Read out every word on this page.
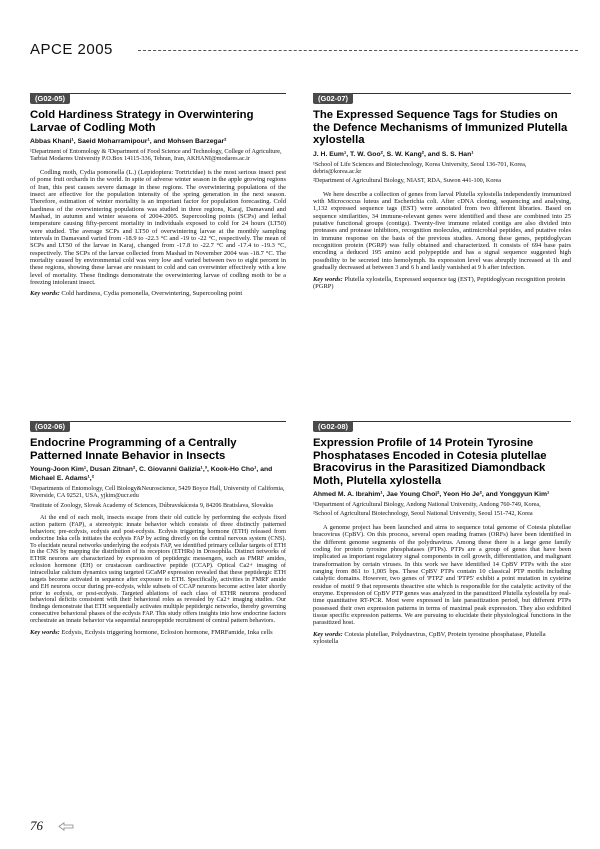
APCE 2005
(G02-05)
Cold Hardiness Strategy in Overwintering Larvae of Codling Moth
Abbas Khani¹, Saeid Moharramipour¹, and Mohsen Barzegar²
¹Department of Entomology & ²Department of Food Science and Technology, College of Agriculture, Tarbiat Modarres University P.O.Box 14115-336, Tehran, Iran, AKHANI@modares.ac.ir
Codling moth, Cydia pomonella (L.) (Lepidoptera: Tortricidae) is the most serious insect pest of pome fruit orchards in the world. In spite of adverse winter season in the apple growing regions of Iran, this pest causes severe damage in these regions. The overwintering populations of the insect are effective for the population intensity of the spring generation in the next season. Therefore, estimation of winter mortality is an important factor for population forecasting. Cold hardiness of the overwintering populations was studied in three regions, Karaj, Damavand and Mashad, in autumn and winter seasons of 2004-2005. Supercooling points (SCPs) and lethal temperature causing fifty-percent mortality in individuals exposed to cold for 24 hours (LT50) were studied. The average SCPs and LT50 of overwintering larvae at the monthly sampling intervals in Damavand varied from -18.9 to -22.3 °C and -19 to -22 °C, respectively. The mean of SCPs and LT50 of the larvae in Karaj, changed from -17.8 to -22.7 °C and -17.4 to -19.3 °C, respectively. The SCPs of the larvae collected from Mashad in November 2004 was -18.7 °C. The mortality caused by environmental cold was very low and varied between two to eight percent in these regions, showing these larvae are resistant to cold and can overwinter effectively with a low level of mortality. These findings demonstrate the overwintering larvae of codling moth to be a freezing intolerant insect.
Key words: Cold hardiness, Cydia pomonella, Overwintering, Supercooling point
(G02-06)
Endocrine Programming of a Centrally Patterned Innate Behavior in Insects
Young-Joon Kim¹, Dusan Zitnan², C. Giovanni Galizia¹,³, Kook-Ho Cho¹, and Michael E. Adams¹,²
¹Departments of Entomology, Cell Biology&Neuroscience, 5429 Boyce Hall, University of California, Riverside, CA 92521, USA, yjkim@ucr.edu
²Institute of Zoology, Slovak Academy of Sciences, Dúbravskácesta 9, 84206 Bratislava, Slovakia
At the end of each molt, insects escape from their old cuticle by performing the ecdysis fixed action pattern (FAP), a stereotypic innate behavior which consists of three distinctly patterned behaviors; pre-ecdysis, ecdysis and post-ecdysis. Ecdysis triggering hormone (ETH) released from endocrine Inka cells initiates the ecdysis FAP by acting directly on the central nervous system (CNS). To elucidate neural networks underlying the ecdysis FAP, we identified primary cellular targets of ETH in the CNS by mapping the distribution of its receptors (ETHRs) in Drosophila. Distinct networks of ETHR neurons are characterized by expression of peptidergic messengers, such as FMRF amides, eclosion hormone (EH) or crustacean cardioactive peptide (CCAP). Optical Ca2+ imaging of intracellular calcium dynamics using targeted GCaMP expression revealed that these peptidergic ETH targets become activated in sequence after exposure to ETH. Specifically, activities in FMRF amide and EH neurons occur during pre-ecdysis, while subsets of CCAP neurons become active later shortly prior to ecdysis, or post-ecdysis. Targeted ablations of each class of ETHR neurons produced behavioral deficits consistent with their behavioral roles as revealed by Ca2+ imaging studies. Our findings demonstrate that ETH sequentially activates multiple peptidergic networks, thereby governing consecutive behavioral phases of the ecdysis FAP. This study offers insights into how endocrine factors orchestrate an innate behavior via sequential neuropeptide recruitment of central pattern behaviors.
Key words: Ecdysis, Ecdysis triggering hormone, Eclosion hormone, FMRFamide, Inka cells
(G02-07)
The Expressed Sequence Tags for Studies on the Defence Mechanisms of Immunized Plutella xylostella
J. H. Eum¹, T. W. Goo², S. W. Kang², and S. S. Han¹
¹School of Life Sciences and Biotechnology, Korea University, Seoul 136-701, Korea, debris@korea.ac.kr
²Department of Agricultural Biology, NIAST, RDA, Suwon 441-100, Korea
We here describe a collection of genes from larval Plutella xylostella independently immunized with Micrococcus luteus and Escherichia coli. After cDNA cloning, sequencing and analysing, 1,132 expressed sequence tags (EST) were annotated from two different libraries. Based on sequence similarities, 34 immune-relevant genes were identified and these are combined into 25 putative functional groups (contigs). Twenty-five immune related contigs are also divided into proteases and protease inhibitors, recognition molecules, antimicrobial peptides, and putative roles in immune response on the basis of the previous studies. Among these genes, peptidoglycan recognition protein (PGRP) was fully obtained and characterized. It consists of 694 base pairs encoding a deduced 195 amino acid polypeptide and has a signal sequence suggested high possibility to be secreted into hemolymph. Its expression level was abruptly increased at 1h and gradually decreased at between 3 and 6 h and lastly vanished at 9 h after infection.
Key words: Plutella xylostella, Expressed sequence tag (EST), Peptidoglycan recognition protein (PGRP)
(G02-08)
Expression Profile of 14 Protein Tyrosine Phosphatases Encoded in Cotesia plutellae Bracovirus in the Parasitized Diamondback Moth, Plutella xylostella
Ahmed M. A. Ibrahim¹, Jae Young Choi², Yeon Ho Je², and Yonggyun Kim¹
¹Department of Agricultural Biology, Andong National University, Andong 760-749, Korea,
²School of Agricultural Biotechnology, Seoul National University, Seoul 151-742, Korea
A genome project has been launched and aims to sequence total genome of Cotesia plutellae bracovirus (CpBV). On this process, several open reading frames (ORFs) have been identified in the different genome segments of the polydnavirus. Among these there is a large gene family coding for protein tyrosine phosphatases (PTPs). PTPs are a group of genes that have been implicated as important regulatory signal components in cell growth, differentiation, and malignant transformation by certain viruses. In this work we have identified 14 CpBV PTPs with the size ranging from 861 to 1,005 bps. These CpBV PTPs contain 10 classical PTP motifs including catalytic domains. However, two genes of 'PTP2' and 'PTP5' exhibit a point mutation in cysteine residue of motif 9 that represents theactive site which is responsible for the catalytic activity of the enzyme. Expression of CpBV PTP genes was analyzed in the parasitized Plutella xylostella by real-time quantitative RT-PCR. Most were expressed in late parasitization period, but different PTPs possessed their own expression patterns in terms of maximal peak expression. They also exhibited tissue specific expression patterns. We are pursuing to elucidate their physiological functions in the parasitized host.
Key words: Cotesia plutellae, Polydnavirus, CpBV, Protein tyrosine phosphatase, Plutella xylostella
76
